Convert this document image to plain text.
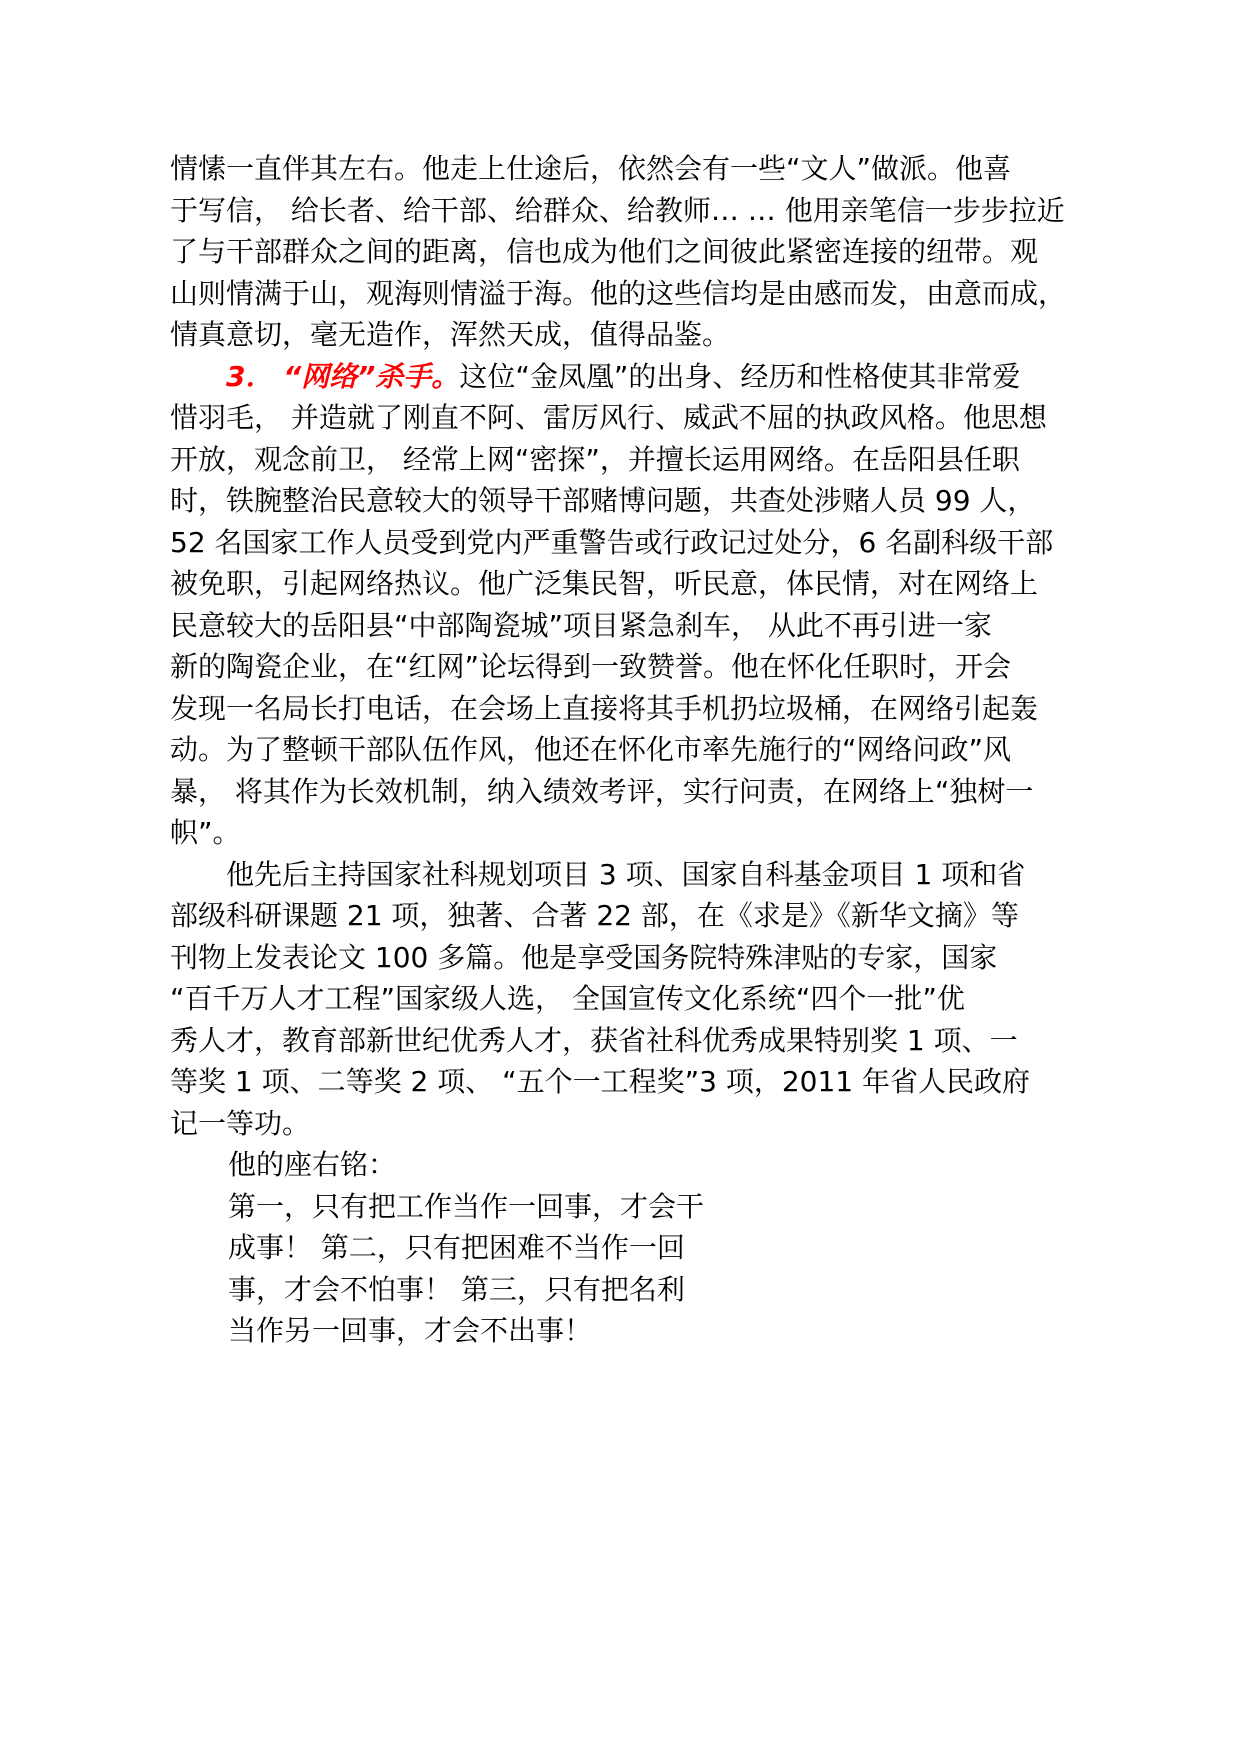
情愫一直伴其左右。他走上仕途后，依然会有一些“文人”做派。他喜
于写信， 给长者、给干部、给群众、给教师… … 他用亲笔信一步步拉近
了与干部群众之间的距离，信也成为他们之间彼此紧密连接的纽带。观
山则情满于山，观海则情溢于海。他的这些信均是由感而发，由意而成，
情真意切，毫无造作，浑然天成，值得品鉴。
3． “网络”杀手。这位“金凤凰”的出身、经历和性格使其非常爱
惜羽毛， 并造就了刚直不阿、雷厉风行、威武不屈的执政风格。他思想
开放，观念前卫， 经常上网“密探”，并擅长运用网络。在岳阳县任职
时，铁腕整治民意较大的领导干部赌博问题，共查处涉赌人员 99 人，
52 名国家工作人员受到党内严重警告或行政记过处分，6 名副科级干部
被免职，引起网络热议。他广泛集民智，听民意，体民情，对在网络上
民意较大的岳阳县“中部陶瓷城”项目紧急刹车， 从此不再引进一家
新的陶瓷企业，在“红网”论坛得到一致赞誉。他在怀化任职时，开会
发现一名局长打电话，在会场上直接将其手机扔垃圾桶，在网络引起轰
动。为了整顿干部队伍作风，他还在怀化市率先施行的“网络问政”风
暴， 将其作为长效机制，纳入绩效考评，实行问责，在网络上“独树一
帜”。
他先后主持国家社科规划项目 3 项、国家自科基金项目 1 项和省
部级科研课题 21 项，独著、合著 22 部，在《求是》《新华文摘》等
刊物上发表论文 100 多篇。他是享受国务院特殊津贴的专家，国家
“百千万人才工程”国家级人选， 全国宣传文化系统“四个一批”优
秀人才，教育部新世纪优秀人才，获省社科优秀成果特别奖 1 项、一
等奖 1 项、二等奖 2 项、 “五个一工程奖”3 项，2011 年省人民政府
记一等功。
他的座右铭：
第一，只有把工作当作一回事，才会干
成事！ 第二，只有把困难不当作一回
事，才会不怕事！ 第三，只有把名利
当作另一回事，才会不出事！
